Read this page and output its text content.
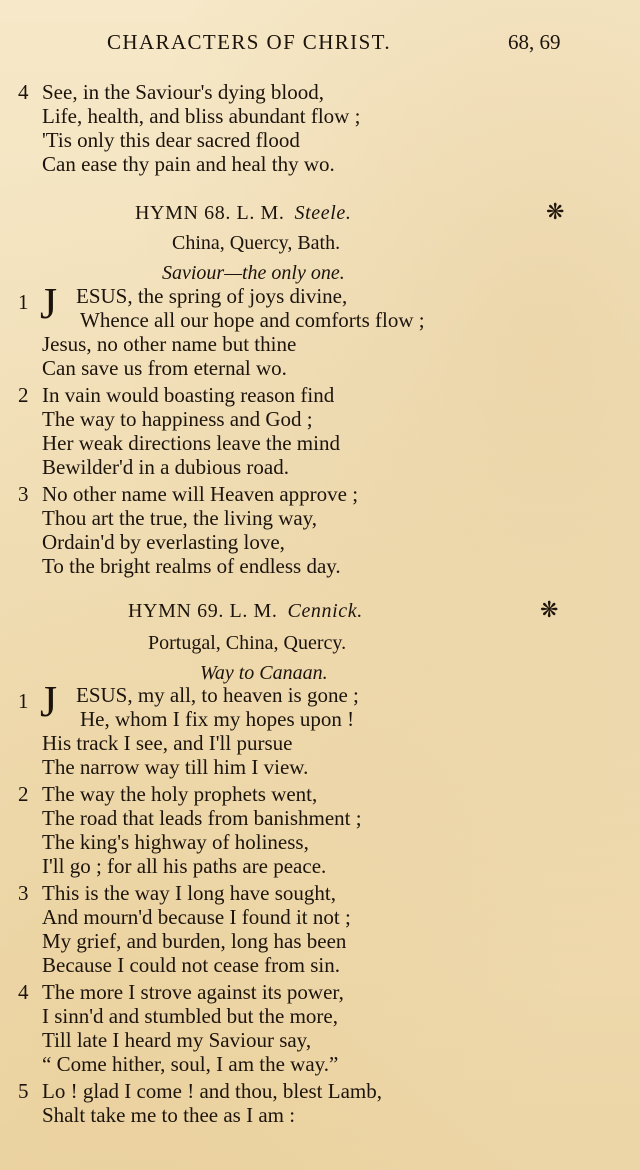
CHARACTERS OF CHRIST.	68, 69
4 See, in the Saviour's dying blood,
Life, health, and bliss abundant flow ;
'Tis only this dear sacred flood
Can ease thy pain and heal thy wo.
HYMN 68. L. M. Steele.	❋
China, Quercy, Bath.
Saviour—the only one.
1 J ESUS, the spring of joys divine,
Whence all our hope and comforts flow ;
Jesus, no other name but thine
Can save us from eternal wo.
2 In vain would boasting reason find
The way to happiness and God ;
Her weak directions leave the mind
Bewilder'd in a dubious road.
3 No other name will Heaven approve ;
Thou art the true, the living way,
Ordain'd by everlasting love,
To the bright realms of endless day.
HYMN 69. L. M. Cennick.	❋
Portugal, China, Quercy.
Way to Canaan.
1 J ESUS, my all, to heaven is gone ;
He, whom I fix my hopes upon !
His track I see, and I'll pursue
The narrow way till him I view.
2 The way the holy prophets went,
The road that leads from banishment ;
The king's highway of holiness,
I'll go ; for all his paths are peace.
3 This is the way I long have sought,
And mourn'd because I found it not ;
My grief, and burden, long has been
Because I could not cease from sin.
4 The more I strove against its power,
I sinn'd and stumbled but the more,
Till late I heard my Saviour say,
“ Come hither, soul, I am the way.”
5 Lo ! glad I come ! and thou, blest Lamb,
Shalt take me to thee as I am :
